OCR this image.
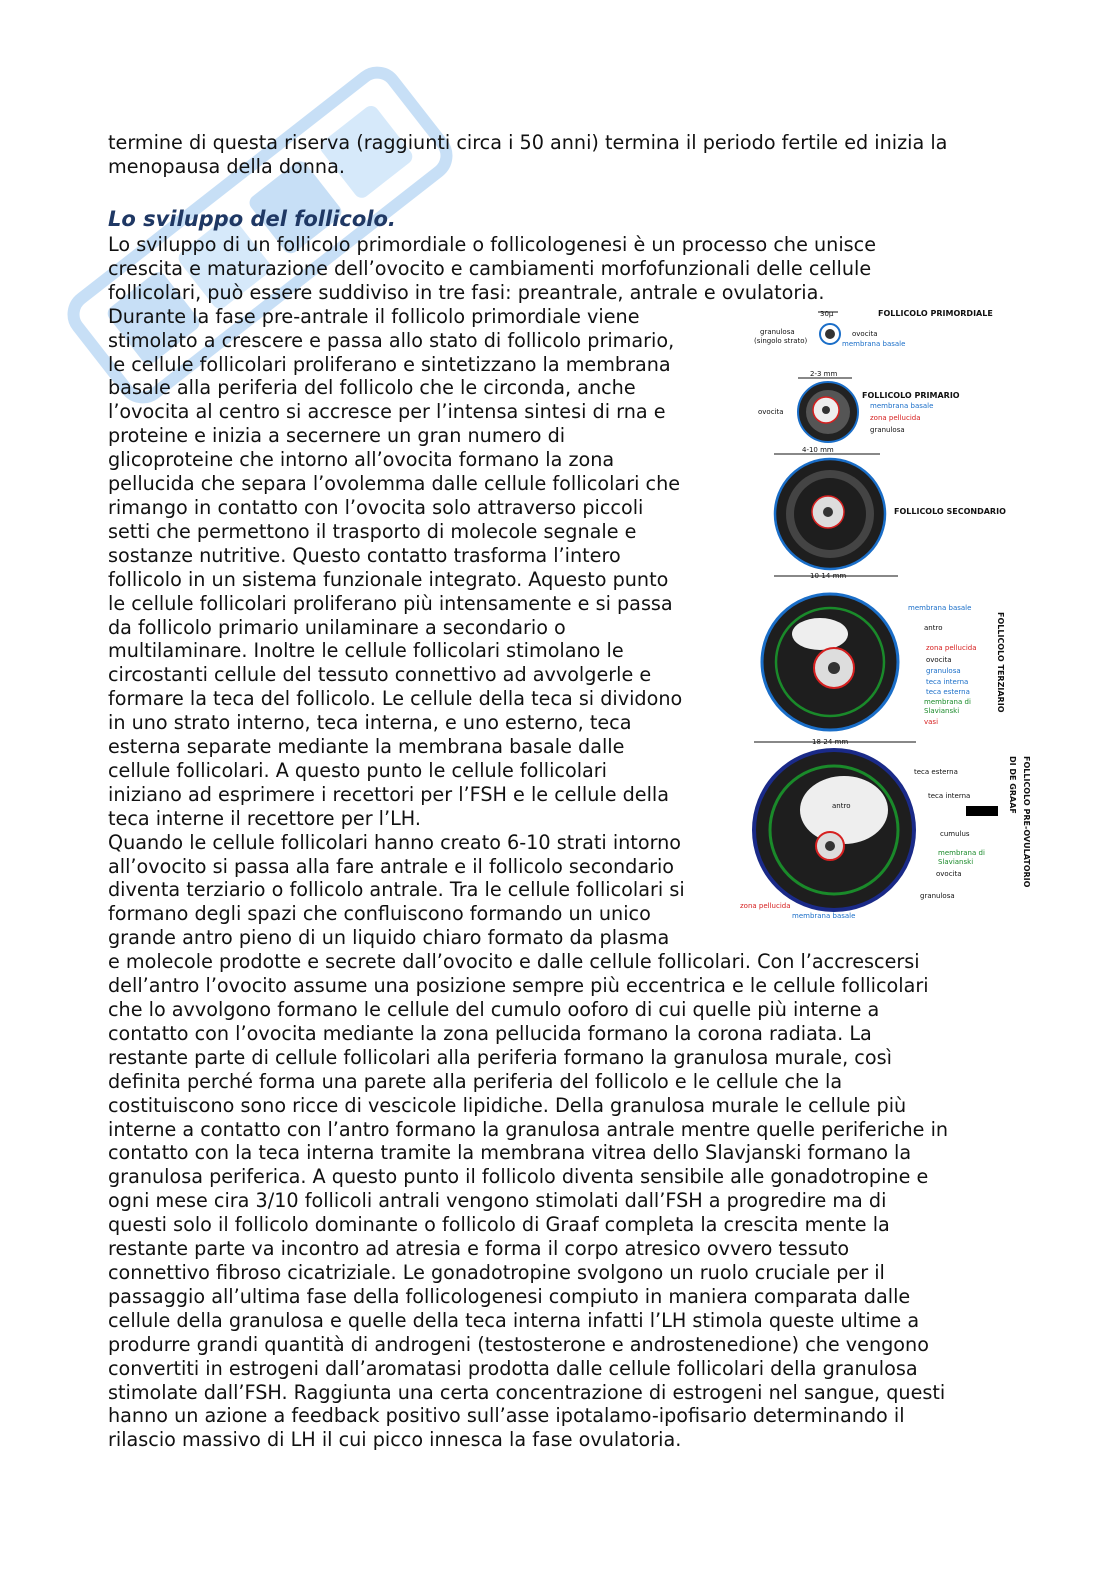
termine di questa riserva (raggiunti circa i 50 anni) termina il periodo fertile ed inizia la
menopausa della donna.
Lo sviluppo del follicolo.
Lo sviluppo di un follicolo primordiale o follicologenesi è un processo che unisce
crescita e maturazione dell’ovocito e cambiamenti morfofunzionali delle cellule
follicolari, può essere suddiviso in tre fasi: preantrale, antrale e ovulatoria.
Durante la fase pre-antrale il follicolo primordiale viene
stimolato a crescere e passa allo stato di follicolo primario,
le cellule follicolari proliferano e sintetizzano la membrana
basale alla periferia del follicolo che le circonda, anche
l’ovocita al centro si accresce per l’intensa sintesi di rna e
proteine e inizia a secernere un gran numero di
glicoproteine che intorno all’ovocita formano la zona
pellucida che separa l’ovolemma dalle cellule follicolari che
rimango in contatto con l’ovocita solo attraverso piccoli
setti che permettono il trasporto di molecole segnale e
sostanze nutritive. Questo contatto trasforma l’intero
follicolo in un sistema funzionale integrato. Aquesto punto
le cellule follicolari proliferano più intensamente e si passa
da follicolo primario unilaminare a secondario o
multilaminare. Inoltre le cellule follicolari stimolano le
circostanti cellule del tessuto connettivo ad avvolgerle e
formare la teca del follicolo. Le cellule della teca si dividono
in uno strato interno, teca interna, e uno esterno, teca
esterna separate mediante la membrana basale dalle
cellule follicolari. A questo punto le cellule follicolari
iniziano ad esprimere i recettori per l’FSH e le cellule della
teca interne il recettore per l’LH.
Quando le cellule follicolari hanno creato 6-10 strati intorno
all’ovocito si passa alla fare antrale e il follicolo secondario
diventa terziario o follicolo antrale. Tra le cellule follicolari si
formano degli spazi che confluiscono formando un unico
grande antro pieno di un liquido chiaro formato da plasma
e molecole prodotte e secrete dall’ovocito e dalle cellule follicolari. Con l’accrescersi
dell’antro l’ovocito assume una posizione sempre più eccentrica e le cellule follicolari
che lo avvolgono formano le cellule del cumulo ooforo di cui quelle più interne a
contatto con l’ovocita mediante la zona pellucida formano la corona radiata. La
restante parte di cellule follicolari alla periferia formano la granulosa murale, così
definita perché forma una parete alla periferia del follicolo e le cellule che la
costituiscono sono ricce di vescicole lipidiche. Della granulosa murale le cellule più
interne a contatto con l’antro formano la granulosa antrale mentre quelle periferiche in
contatto con la teca interna tramite la membrana vitrea dello Slavjanski formano la
granulosa periferica. A questo punto il follicolo diventa sensibile alle gonadotropine e
ogni mese cira 3/10 follicoli antrali vengono stimolati dall’FSH a progredire ma di
questi solo il follicolo dominante o follicolo di Graaf completa la crescita mente la
restante parte va incontro ad atresia e forma il corpo atresico ovvero tessuto
connettivo fibroso cicatriziale. Le gonadotropine svolgono un ruolo cruciale per il
passaggio all’ultima fase della follicologenesi compiuto in maniera comparata dalle
cellule della granulosa e quelle della teca interna infatti l’LH stimola queste ultime a
produrre grandi quantità di androgeni (testosterone e androstenedione) che vengono
convertiti in estrogeni dall’aromatasi prodotta dalle cellule follicolari della granulosa
stimolate dall’FSH. Raggiunta una certa concentrazione di estrogeni nel sangue, questi
hanno un azione a feedback positivo sull’asse ipotalamo-ipofisario determinando il
rilascio massivo di LH il cui picco innesca la fase ovulatoria.
30μ
granulosa
(singolo strato)
ovocita
membrana basale
FOLLICOLO PRIMORDIALE
2-3 mm
ovocita
FOLLICOLO PRIMARIO
membrana basale
zona pellucida
granulosa
4-10 mm
FOLLICOLO SECONDARIO
10-14 mm
FOLLICOLO TERZIARIO
membrana basale
antro
zona pellucida
ovocita
granulosa
teca interna
teca esterna
membrana di
Slavianski
vasi
18-24 mm
FOLLICOLO PRE-OVULATORIO
DI DE GRAAF
teca esterna
teca interna
antro
cumulus
membrana di
Slavianski
ovocita
granulosa
zona pellucida
membrana basale
